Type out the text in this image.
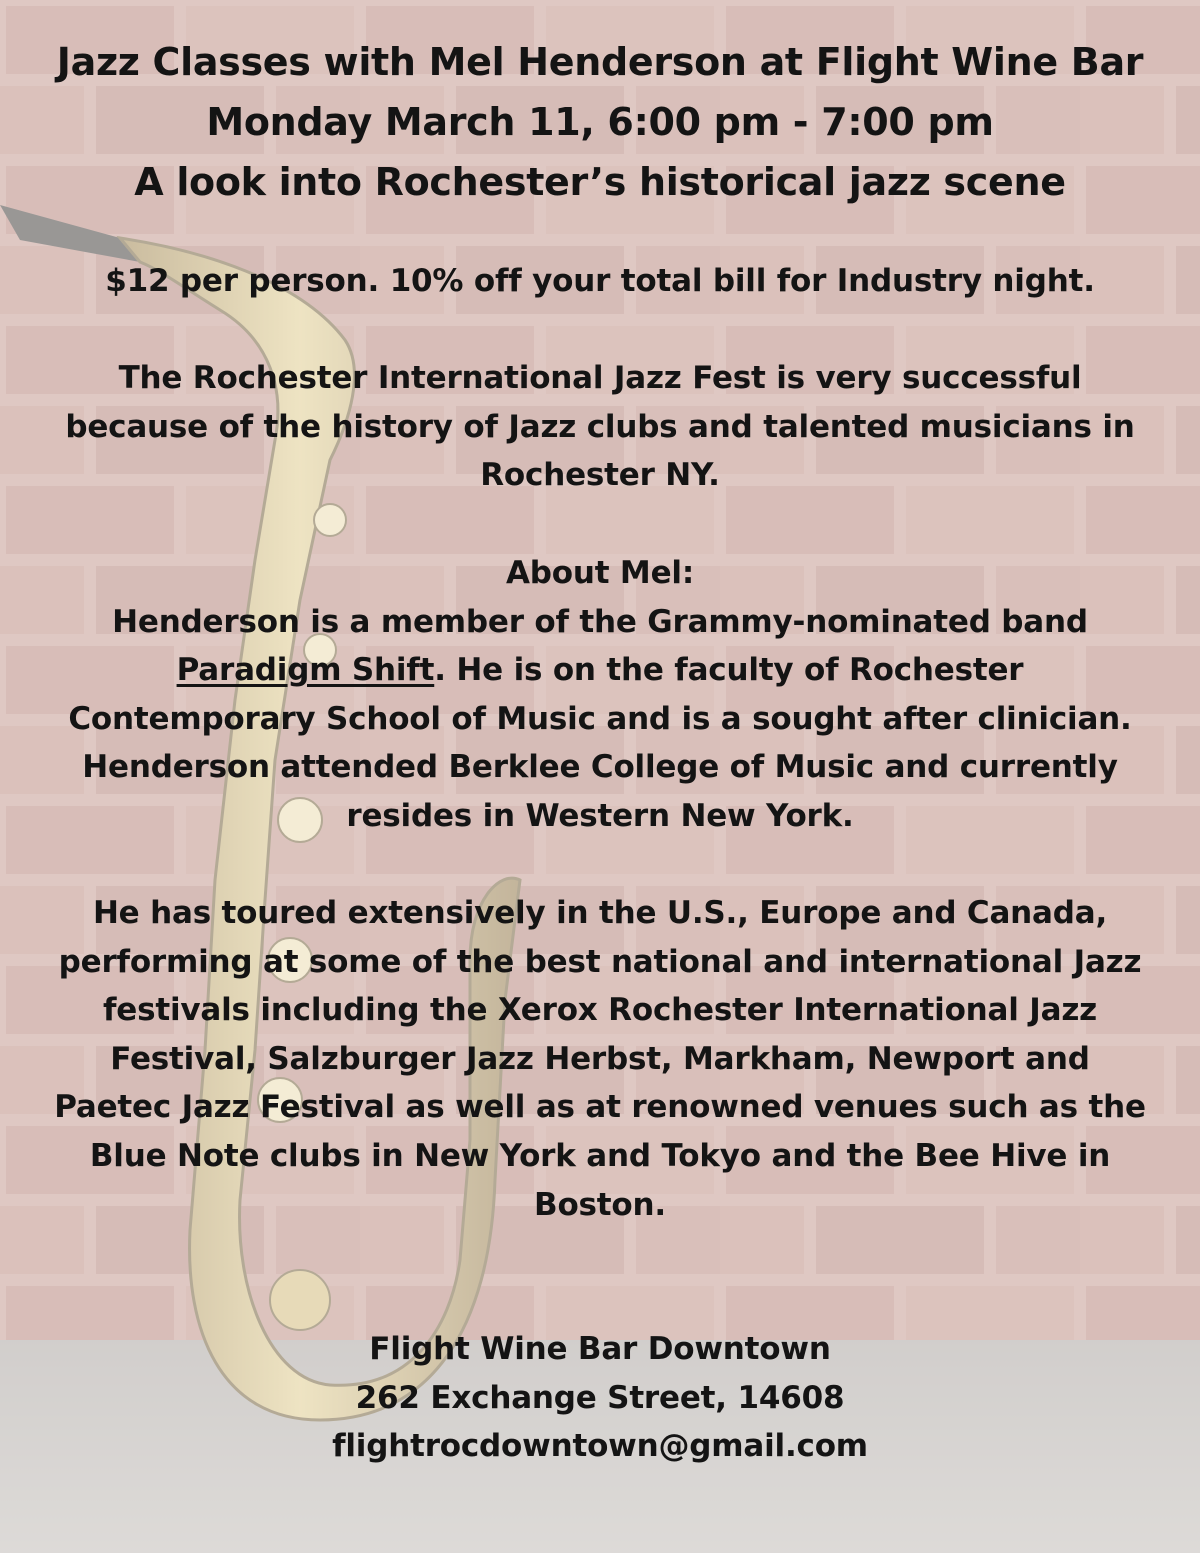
Jazz Classes with Mel Henderson at Flight Wine Bar
Monday March 11, 6:00 pm - 7:00 pm
A look into Rochester’s historical jazz scene

$12 per person. 10% off your total bill for Industry night.

The Rochester International Jazz Fest is very successful

because of the history of Jazz clubs and talented musicians in

Rochester NY.

About Mel:

Henderson is a member of the Grammy-nominated band

Paradigm Shift. He is on the faculty of Rochester

Contemporary School of Music and is a sought after clinician.

Henderson attended Berklee College of Music and currently

resides in Western New York.

He has toured extensively in the U.S., Europe and Canada,

performing at some of the best national and international Jazz

festivals including the Xerox Rochester International Jazz

Festival, Salzburger Jazz Herbst, Markham, Newport and

Paetec Jazz Festival as well as at renowned venues such as the

Blue Note clubs in New York and Tokyo and the Bee Hive in

Boston.

Flight Wine Bar Downtown

262 Exchange Street, 14608

flightrocdowntown@gmail.com
